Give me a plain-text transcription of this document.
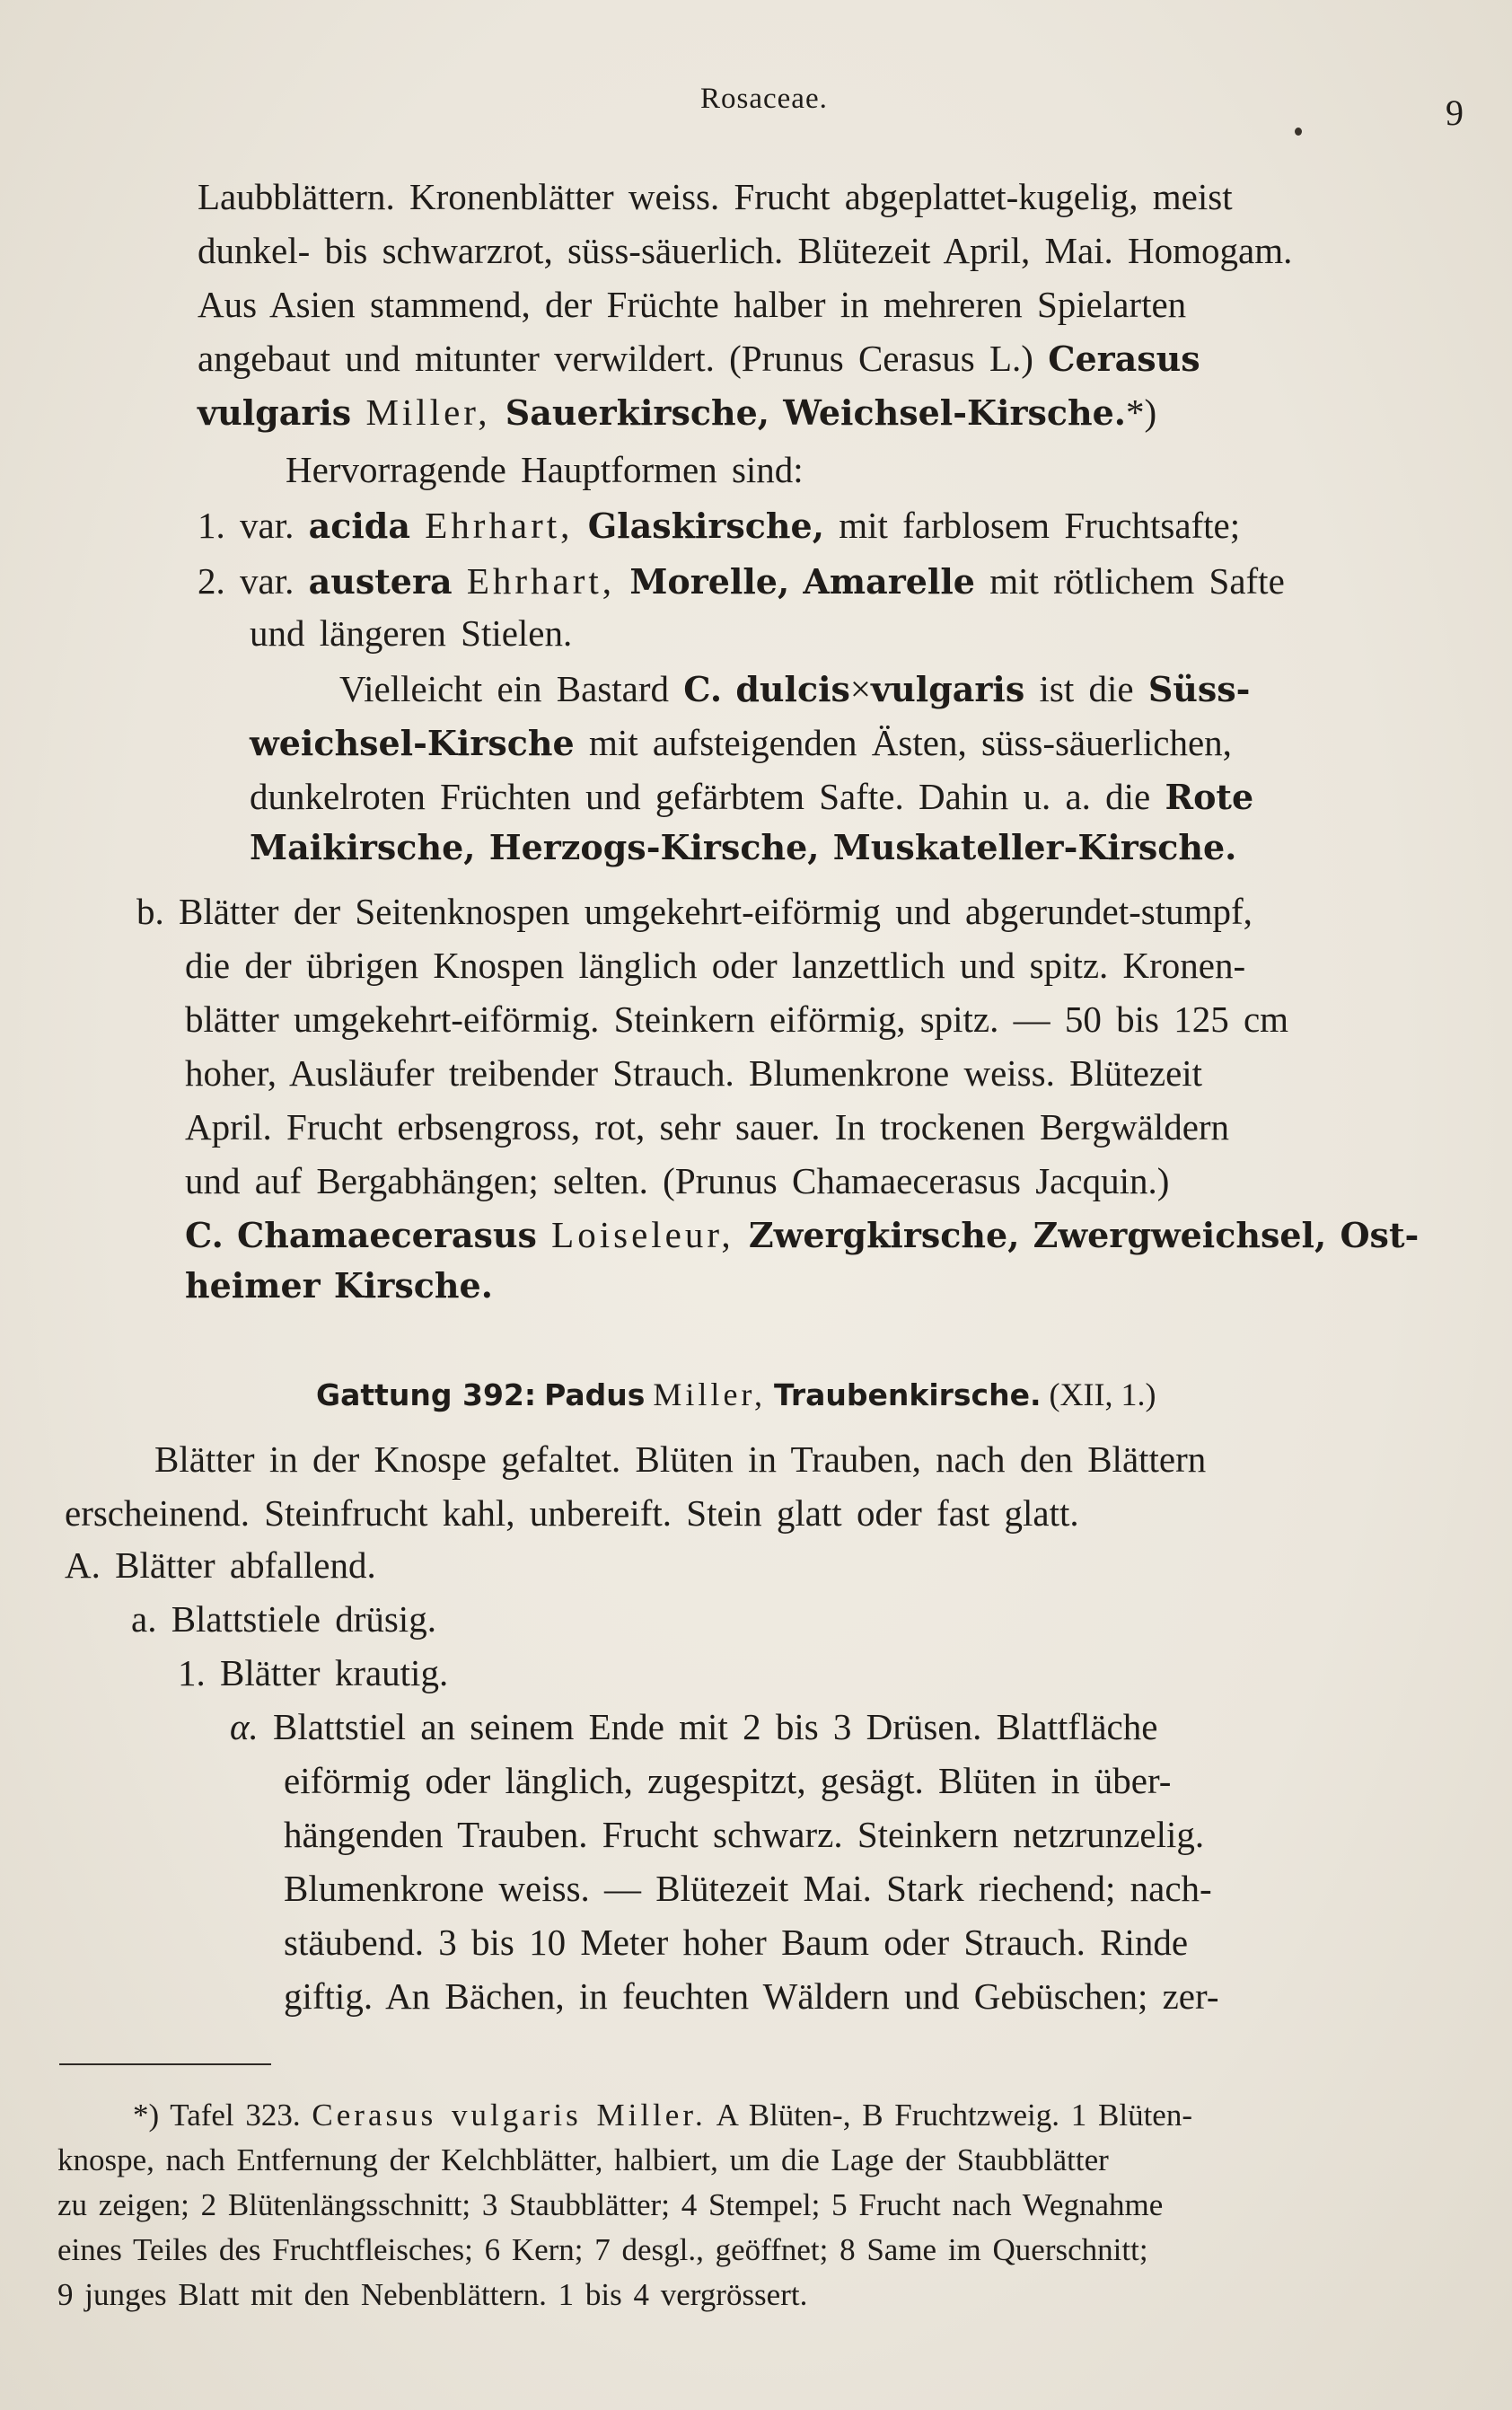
Rosaceae.	9
Laubblättern. Kronenblätter weiss. Frucht abgeplattet-kugelig, meist
dunkel- bis schwarzrot, süss-säuerlich. Blütezeit April, Mai. Homogam.
Aus Asien stammend, der Früchte halber in mehreren Spielarten
angebaut und mitunter verwildert. (Prunus Cerasus L.) Cerasus
vulgaris Miller, Sauerkirsche, Weichsel-Kirsche.*)
Hervorragende Hauptformen sind:
1. var. acida Ehrhart, Glaskirsche, mit farblosem Fruchtsafte;
2. var. austera Ehrhart, Morelle, Amarelle mit rötlichem Safte
und längeren Stielen.
Vielleicht ein Bastard C. dulcis×vulgaris ist die Süss-
weichsel-Kirsche mit aufsteigenden Ästen, süss-säuerlichen,
dunkelroten Früchten und gefärbtem Safte. Dahin u. a. die Rote
Maikirsche, Herzogs-Kirsche, Muskateller-Kirsche.
b. Blätter der Seitenknospen umgekehrt-eiförmig und abgerundet-stumpf,
die der übrigen Knospen länglich oder lanzettlich und spitz. Kronen-
blätter umgekehrt-eiförmig. Steinkern eiförmig, spitz. — 50 bis 125 cm
hoher, Ausläufer treibender Strauch. Blumenkrone weiss. Blütezeit
April. Frucht erbsengross, rot, sehr sauer. In trockenen Bergwäldern
und auf Bergabhängen; selten. (Prunus Chamaecerasus Jacquin.)
C. Chamaecerasus Loiseleur, Zwergkirsche, Zwergweichsel, Ost-
heimer Kirsche.
Gattung 392: Padus Miller, Traubenkirsche. (XII, 1.)
Blätter in der Knospe gefaltet. Blüten in Trauben, nach den Blättern
erscheinend. Steinfrucht kahl, unbereift. Stein glatt oder fast glatt.
A. Blätter abfallend.
a. Blattstiele drüsig.
1. Blätter krautig.
α. Blattstiel an seinem Ende mit 2 bis 3 Drüsen. Blattfläche
eiförmig oder länglich, zugespitzt, gesägt. Blüten in über-
hängenden Trauben. Frucht schwarz. Steinkern netzrunzelig.
Blumenkrone weiss. — Blütezeit Mai. Stark riechend; nach-
stäubend. 3 bis 10 Meter hoher Baum oder Strauch. Rinde
giftig. An Bächen, in feuchten Wäldern und Gebüschen; zer-
*) Tafel 323. Cerasus vulgaris Miller. A Blüten-, B Fruchtzweig. 1 Blüten-
knospe, nach Entfernung der Kelchblätter, halbiert, um die Lage der Staubblätter
zu zeigen; 2 Blütenlängsschnitt; 3 Staubblätter; 4 Stempel; 5 Frucht nach Wegnahme
eines Teiles des Fruchtfleisches; 6 Kern; 7 desgl., geöffnet; 8 Same im Querschnitt;
9 junges Blatt mit den Nebenblättern. 1 bis 4 vergrössert.
